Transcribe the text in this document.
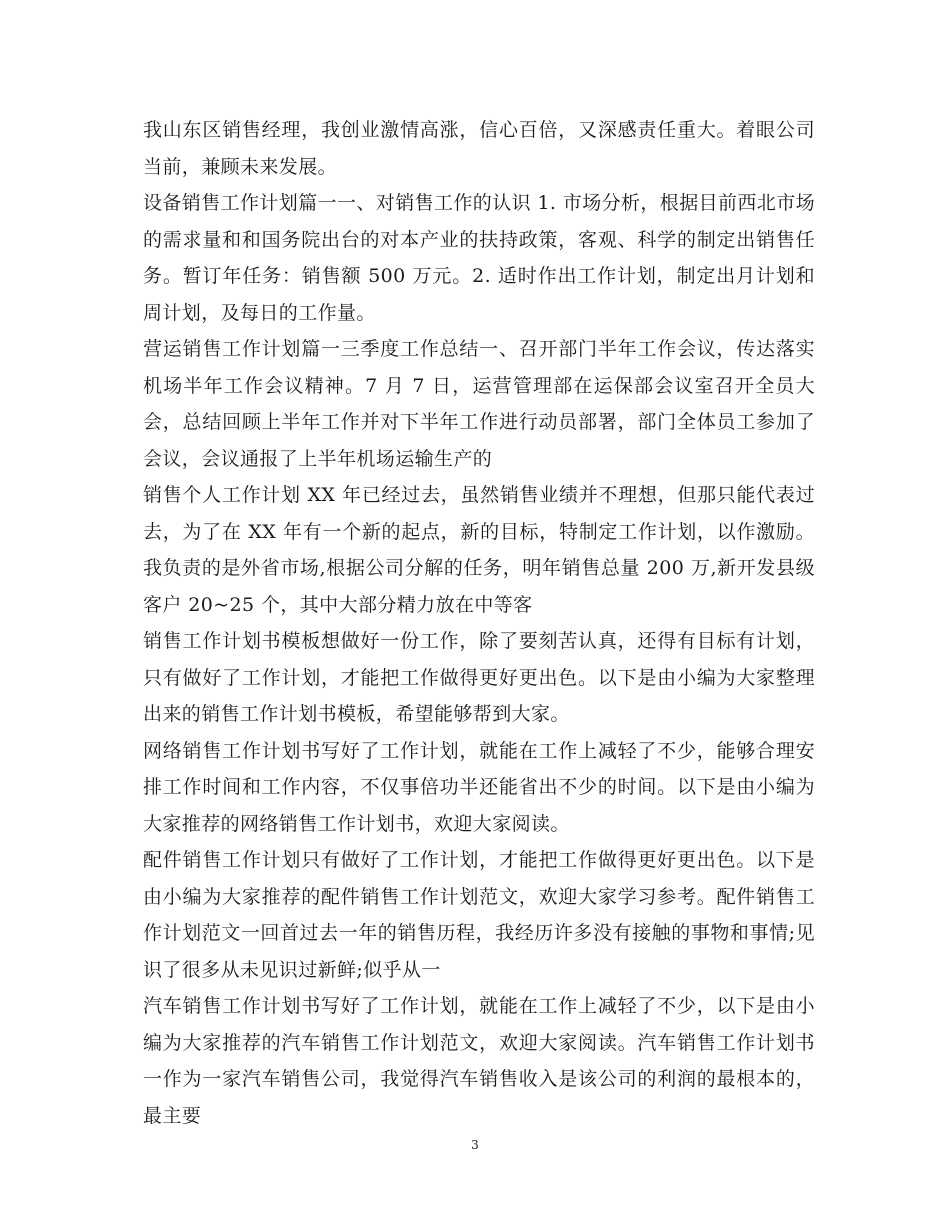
我山东区销售经理，我创业激情高涨，信心百倍，又深感责任重大。着眼公司当前，兼顾未来发展。

设备销售工作计划篇一一、对销售工作的认识 1. 市场分析，根据目前西北市场的需求量和和国务院出台的对本产业的扶持政策，客观、科学的制定出销售任务。暂订年任务：销售额 500 万元。2. 适时作出工作计划，制定出月计划和周计划，及每日的工作量。

营运销售工作计划篇一三季度工作总结一、召开部门半年工作会议，传达落实机场半年工作会议精神。7 月 7 日，运营管理部在运保部会议室召开全员大会，总结回顾上半年工作并对下半年工作进行动员部署，部门全体员工参加了会议，会议通报了上半年机场运输生产的

销售个人工作计划 XX 年已经过去，虽然销售业绩并不理想，但那只能代表过去，为了在 XX 年有一个新的起点，新的目标，特制定工作计划，以作激励。我负责的是外省市场,根据公司分解的任务，明年销售总量 200 万,新开发县级客户 20~25 个，其中大部分精力放在中等客

销售工作计划书模板想做好一份工作，除了要刻苦认真，还得有目标有计划，只有做好了工作计划，才能把工作做得更好更出色。以下是由小编为大家整理出来的销售工作计划书模板，希望能够帮到大家。

网络销售工作计划书写好了工作计划，就能在工作上减轻了不少，能够合理安排工作时间和工作内容，不仅事倍功半还能省出不少的时间。以下是由小编为大家推荐的网络销售工作计划书，欢迎大家阅读。

配件销售工作计划只有做好了工作计划，才能把工作做得更好更出色。以下是由小编为大家推荐的配件销售工作计划范文，欢迎大家学习参考。配件销售工作计划范文一回首过去一年的销售历程，我经历许多没有接触的事物和事情;见识了很多从未见识过新鲜;似乎从一

汽车销售工作计划书写好了工作计划，就能在工作上减轻了不少，以下是由小编为大家推荐的汽车销售工作计划范文，欢迎大家阅读。汽车销售工作计划书一作为一家汽车销售公司，我觉得汽车销售收入是该公司的利润的最根本的，最主要

3
